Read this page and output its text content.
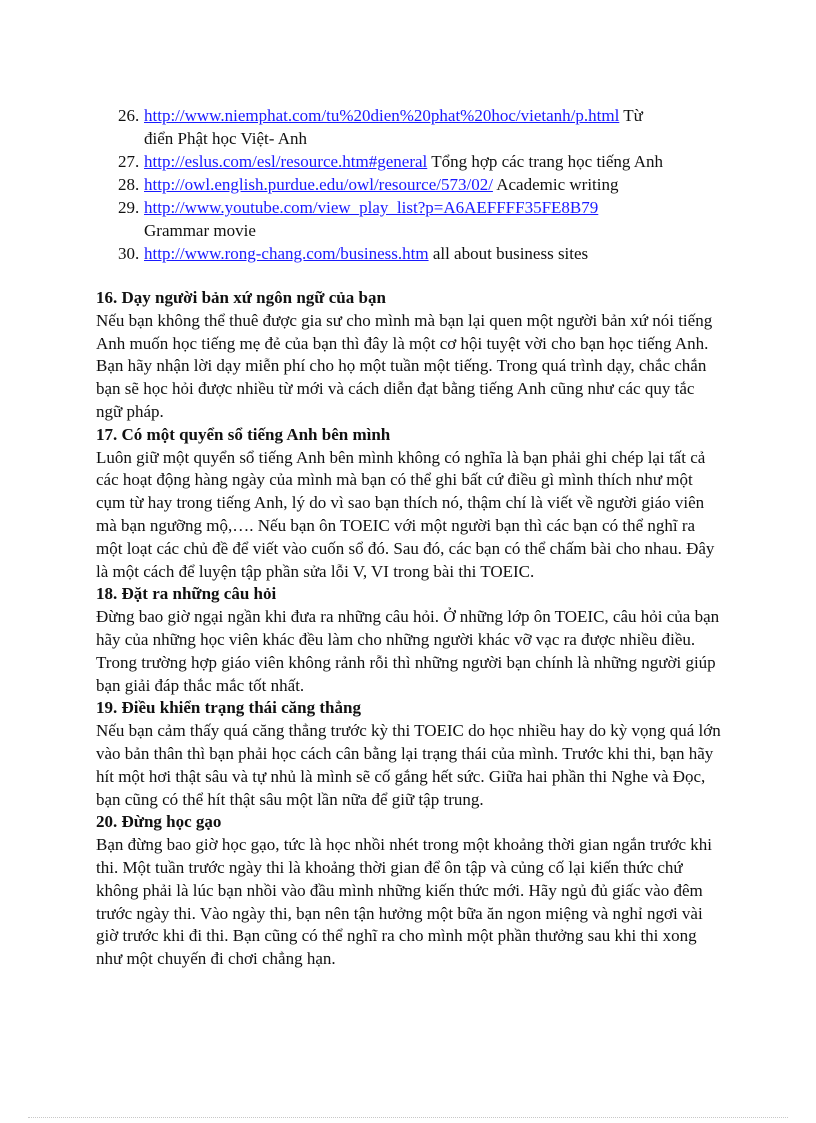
26. http://www.niemphat.com/tu%20dien%20phat%20hoc/vietanh/p.html Từ
điển Phật học Việt- Anh
27. http://eslus.com/esl/resource.htm#general Tổng hợp các trang học tiếng Anh
28. http://owl.english.purdue.edu/owl/resource/573/02/ Academic writing
29. http://www.youtube.com/view_play_list?p=A6AEFFFF35FE8B79
Grammar movie
30. http://www.rong-chang.com/business.htm all about business sites

16. Dạy người bản xứ ngôn ngữ của bạn

Nếu bạn không thể thuê được gia sư cho mình mà bạn lại quen một người bản xứ nói tiếng Anh muốn học tiếng mẹ đẻ của bạn thì đây là một cơ hội tuyệt vời cho bạn học tiếng Anh. Bạn hãy nhận lời dạy miễn phí cho họ một tuần một tiếng. Trong quá trình dạy, chắc chắn bạn sẽ học hỏi được nhiều từ mới và cách diễn đạt bằng tiếng Anh cũng như các quy tắc ngữ pháp.

17. Có một quyển sổ tiếng Anh bên mình

Luôn giữ một quyển sổ tiếng Anh bên mình không có nghĩa là bạn phải ghi chép lại tất cả các hoạt động hàng ngày của mình mà bạn có thể ghi bất cứ điều gì mình thích như một cụm từ hay trong tiếng Anh, lý do vì sao bạn thích nó, thậm chí là viết về người giáo viên mà bạn ngưỡng mộ,…. Nếu bạn ôn TOEIC với một người bạn thì các bạn có thể nghĩ ra một loạt các chủ đề để viết vào cuốn sổ đó. Sau đó, các bạn có thể chấm bài cho nhau. Đây là một cách để luyện tập phần sửa lỗi V, VI trong bài thi TOEIC.

18. Đặt ra những câu hỏi

Đừng bao giờ ngại ngần khi đưa ra những câu hỏi. Ở những lớp ôn TOEIC, câu hỏi của bạn hãy của những học viên khác đều làm cho những người khác vỡ vạc ra được nhiều điều. Trong trường hợp giáo viên không rảnh rỗi thì những người bạn chính là những người giúp bạn giải đáp thắc mắc tốt nhất.

19. Điều khiển trạng thái căng thẳng

Nếu bạn cảm thấy quá căng thẳng trước kỳ thi TOEIC do học nhiều hay do kỳ vọng quá lớn vào bản thân thì bạn phải học cách cân bằng lại trạng thái của mình. Trước khi thi, bạn hãy hít một hơi thật sâu và tự nhủ là mình sẽ cố gắng hết sức. Giữa hai phần thi Nghe và Đọc, bạn cũng có thể hít thật sâu một lần nữa để giữ tập trung.

20. Đừng học gạo

Bạn đừng bao giờ học gạo, tức là học nhồi nhét trong một khoảng thời gian ngắn trước khi thi. Một tuần trước ngày thi là khoảng thời gian để ôn tập và củng cố lại kiến thức chứ không phải là lúc bạn nhồi vào đầu mình những kiến thức mới. Hãy ngủ đủ giấc vào đêm trước ngày thi. Vào ngày thi, bạn nên tận hưởng một bữa ăn ngon miệng và nghỉ ngơi vài giờ trước khi đi thi. Bạn cũng có thể nghĩ ra cho mình một phần thưởng sau khi thi xong như một chuyến đi chơi chẳng hạn.
